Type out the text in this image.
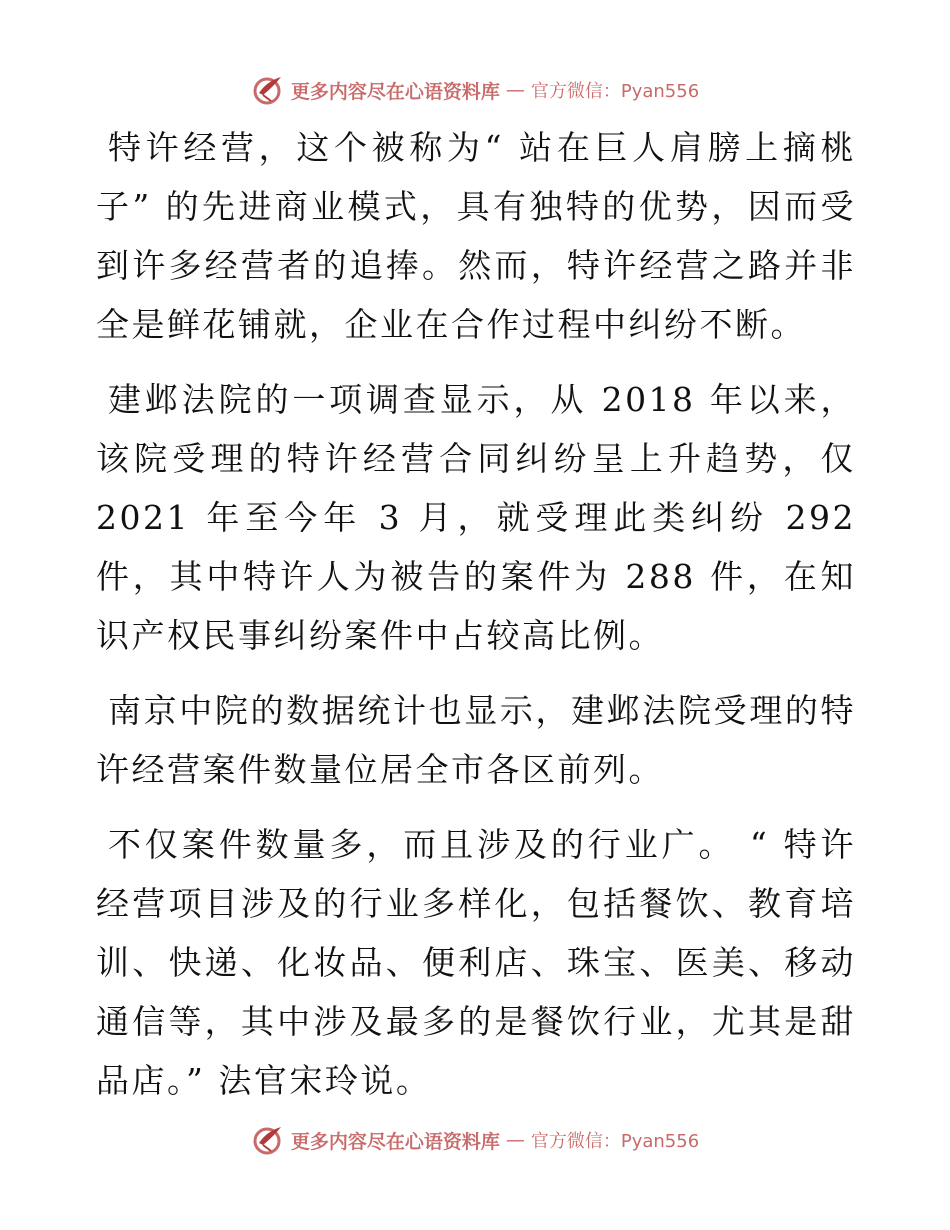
更多内容尽在心语资料库 — 官方微信：Pyan556

特许经营，这个被称为“ 站在巨人肩膀上摘桃子” 的先进商业模式，具有独特的优势，因而受到许多经营者的追捧。然而，特许经营之路并非全是鲜花铺就，企业在合作过程中纠纷不断。

建邺法院的一项调查显示，从 2018 年以来，该院受理的特许经营合同纠纷呈上升趋势，仅 2021 年至今年 3 月，就受理此类纠纷 292 件，其中特许人为被告的案件为 288 件，在知识产权民事纠纷案件中占较高比例。

南京中院的数据统计也显示，建邺法院受理的特许经营案件数量位居全市各区前列。

不仅案件数量多，而且涉及的行业广。 “ 特许经营项目涉及的行业多样化，包括餐饮、教育培训、快递、化妆品、便利店、珠宝、医美、移动通信等，其中涉及最多的是餐饮行业，尤其是甜品店。” 法官宋玲说。

更多内容尽在心语资料库 — 官方微信：Pyan556
